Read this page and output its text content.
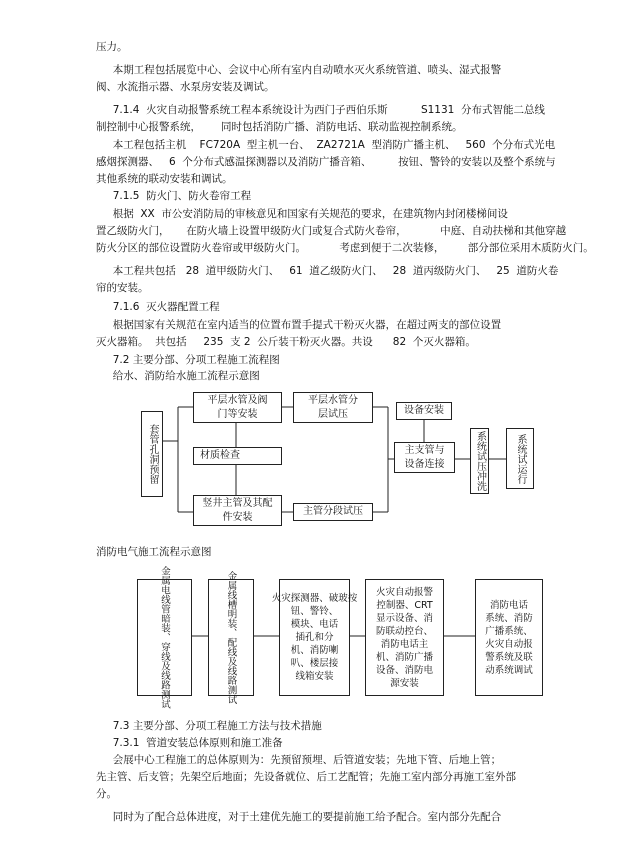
压力。
本期工程包括展览中心、会议中心所有室内自动喷水灭火系统管道、喷头、湿式报警
阀、水流指示器、水泵房安装及调试。
7.1.4  火灾自动报警系统工程本系统设计为西门子西伯乐斯          S1131  分布式智能二总线
制控制中心报警系统，      同时包括消防广播、消防电话、联动监视控制系统。
本工程包括主机    FC720A  型主机一台、  ZA2721A  型消防广播主机、   560  个分布式光电
感烟探测器、   6  个分布式感温探测器以及消防广播音箱、        按钮、警铃的安装以及整个系统与
其他系统的联动安装和调试。
7.1.5  防火门、防火卷帘工程
根据  XX  市公安消防局的审核意见和国家有关规范的要求，在建筑物内封闭楼梯间设
置乙级防火门，     在防火墙上设置甲级防火门或复合式防火卷帘，          中庭、自动扶梯和其他穿越
防火分区的部位设置防火卷帘或甲级防火门。          考虑到便于二次装修，       部分部位采用木质防火门。
本工程共包括   28  道甲级防火门、   61  道乙级防火门、   28  道丙级防火门、   25  道防火卷
帘的安装。
7.1.6  灭火器配置工程
根据国家有关规范在室内适当的位置布置手提式干粉灭火器，在超过两支的部位设置
灭火器箱。  共包括     235  支 2  公斤装干粉灭火器。共设      82  个灭火器箱。
7.2 主要分部、分项工程施工流程图
给水、消防给水施工流程示意图
套管孔洞预留
平层水管及阀
门等安装
平层水管分
层试压
材质检查
竖井主管及其配
件安装	主管分段试压
设备安装
主支管与
设备连接	系统试压冲洗	系统试运行
消防电气施工流程示意图
金属电线管暗装、穿线及线路测试	金属线槽明装、配线及线路测试	火灾探测器、破玻按
钮、警铃、
模块、电话
插孔和分
机、消防喇
叭、楼层接
线箱安装
火灾自动报警
控制器、CRT
显示设备、消
防联动控台、
消防电话主
机、消防广播
设备、消防电
源安装
消防电话
系统、消防
广播系统、
火灾自动报
警系统及联
动系统调试
7.3 主要分部、分项工程施工方法与技术措施
7.3.1  管道安装总体原则和施工准备
会展中心工程施工的总体原则为：先预留预埋、后管道安装；先地下管、后地上管；
先主管、后支管；先架空后地面；先设备就位、后工艺配管；先施工室内部分再施工室外部
分。
同时为了配合总体进度，对于土建优先施工的要提前施工给予配合。室内部分先配合
